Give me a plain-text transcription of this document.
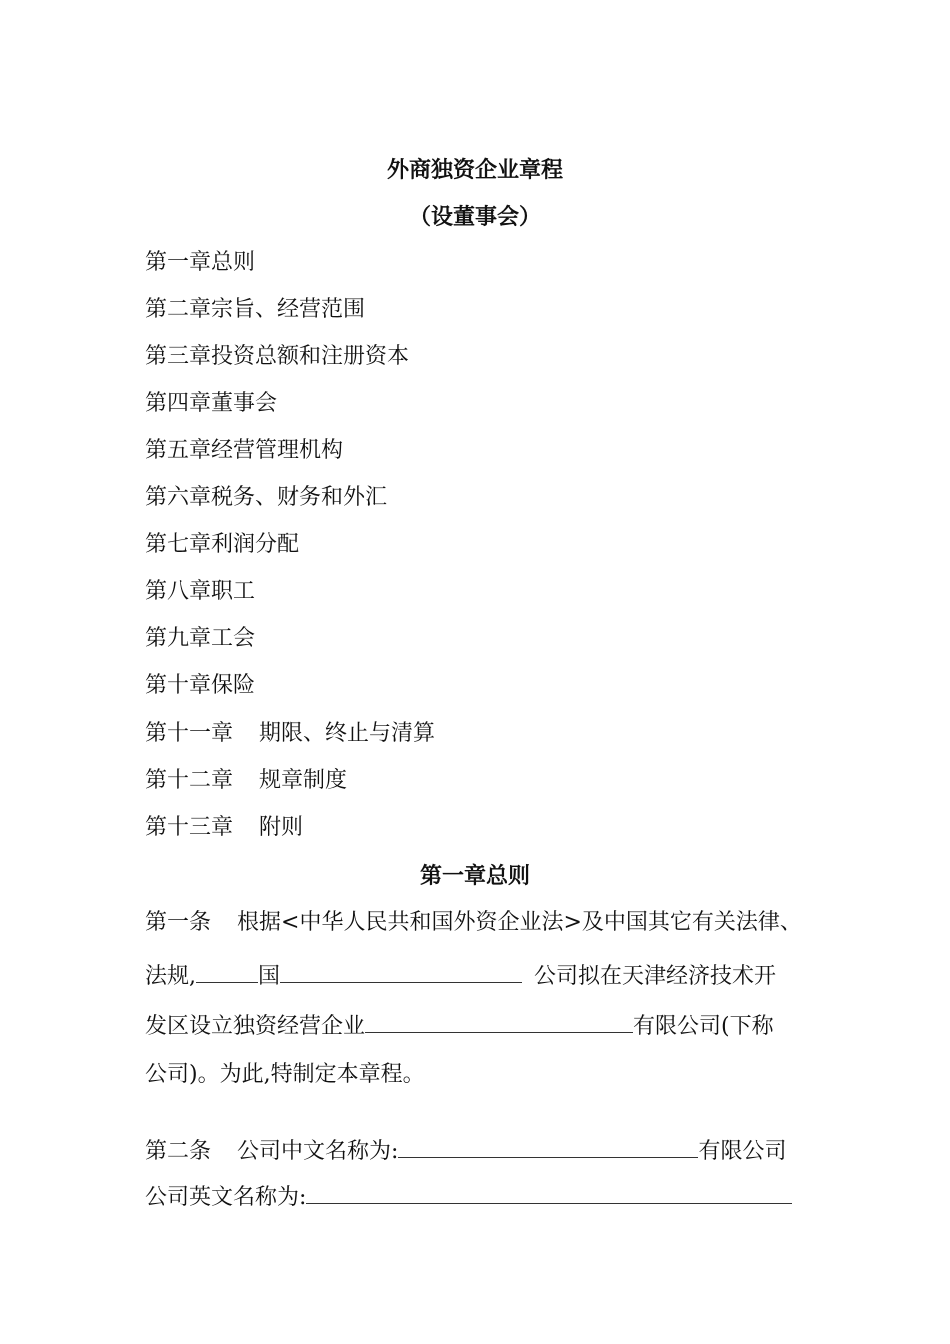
外商独资企业章程
（设董事会）
第一章总则
第二章宗旨、经营范围
第三章投资总额和注册资本
第四章董事会
第五章经营管理机构
第六章税务、财务和外汇
第七章利润分配
第八章职工
第九章工会
第十章保险
第十一章 期限、终止与清算
第十二章 规章制度
第十三章 附则
第一章总则
第一条 根据<中华人民共和国外资企业法>及中国其它有关法律、
法规,	国	公司拟在天津经济技术开
发区设立独资经营企业	有限公司(下称
公司)。为此,特制定本章程。
第二条 公司中文名称为:	有限公司
公司英文名称为:
